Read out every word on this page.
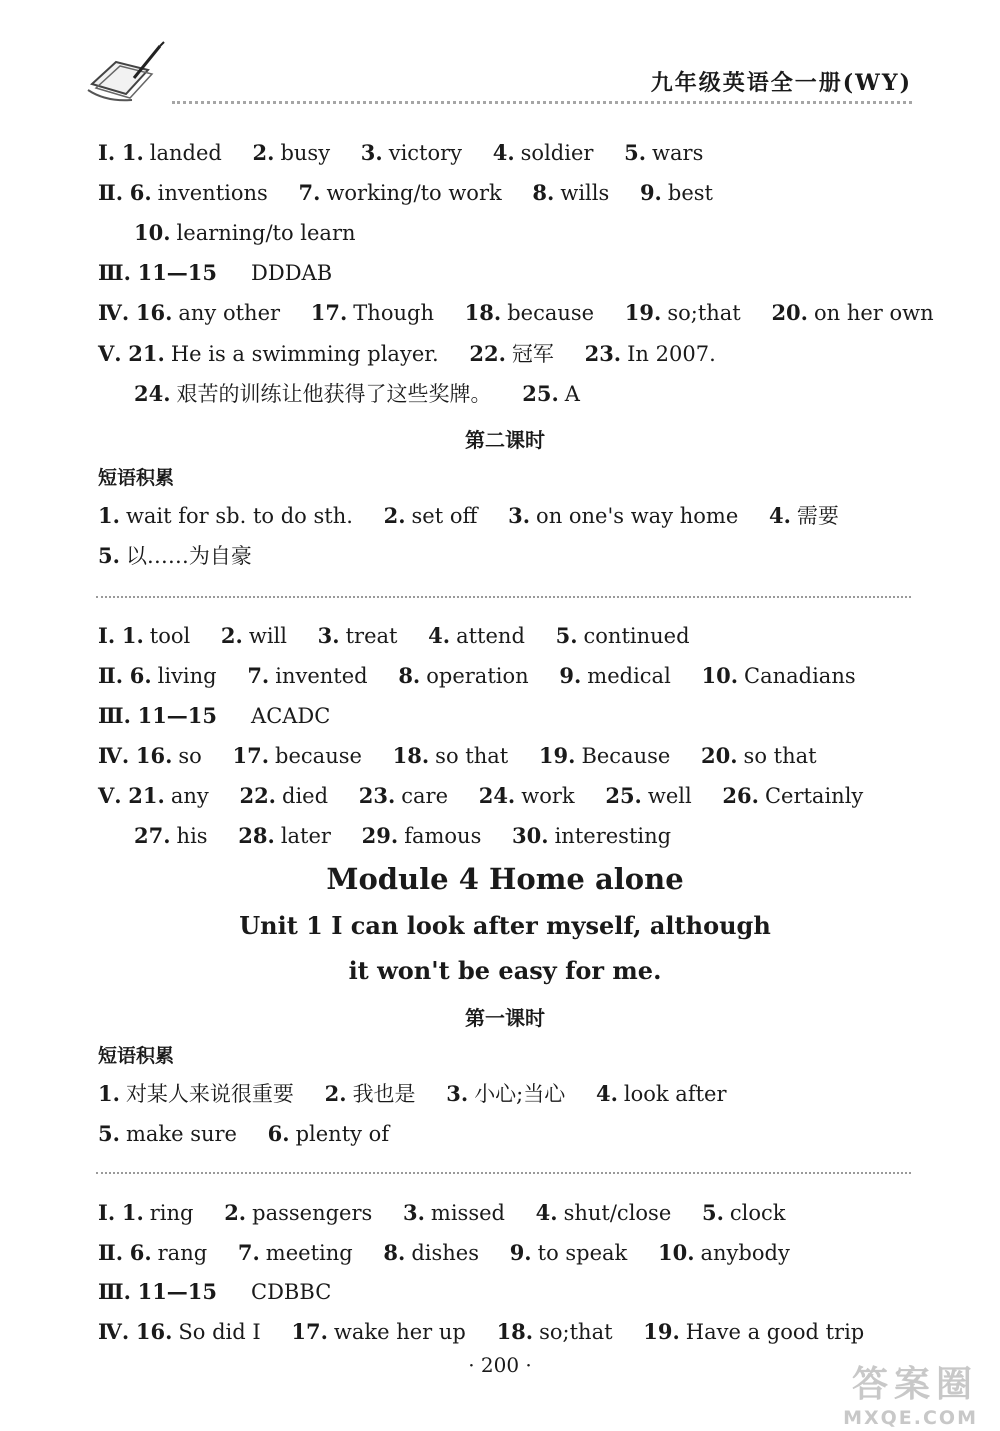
九年级英语全一册(WY)
Ⅰ. 1. landed 2. busy 3. victory 4. soldier 5. wars
Ⅱ. 6. inventions 7. working/to work 8. wills 9. best
10. learning/to learn
Ⅲ. 11—15 DDDAB
Ⅳ. 16. any other 17. Though 18. because 19. so;that 20. on her own
Ⅴ. 21. He is a swimming player. 22. 冠军 23. In 2007.
24. 艰苦的训练让他获得了这些奖牌。 25. A
第二课时
短语积累
1. wait for sb. to do sth. 2. set off 3. on one's way home 4. 需要
5. 以……为自豪
Ⅰ. 1. tool 2. will 3. treat 4. attend 5. continued
Ⅱ. 6. living 7. invented 8. operation 9. medical 10. Canadians
Ⅲ. 11—15 ACADC
Ⅳ. 16. so 17. because 18. so that 19. Because 20. so that
Ⅴ. 21. any 22. died 23. care 24. work 25. well 26. Certainly
27. his 28. later 29. famous 30. interesting
Module 4 Home alone
Unit 1 I can look after myself, although
it won't be easy for me.
第一课时
短语积累
1. 对某人来说很重要 2. 我也是 3. 小心;当心 4. look after
5. make sure 6. plenty of
Ⅰ. 1. ring 2. passengers 3. missed 4. shut/close 5. clock
Ⅱ. 6. rang 7. meeting 8. dishes 9. to speak 10. anybody
Ⅲ. 11—15 CDBBC
Ⅳ. 16. So did I 17. wake her up 18. so;that 19. Have a good trip
· 200 ·	答案圈
MXQE.COM
